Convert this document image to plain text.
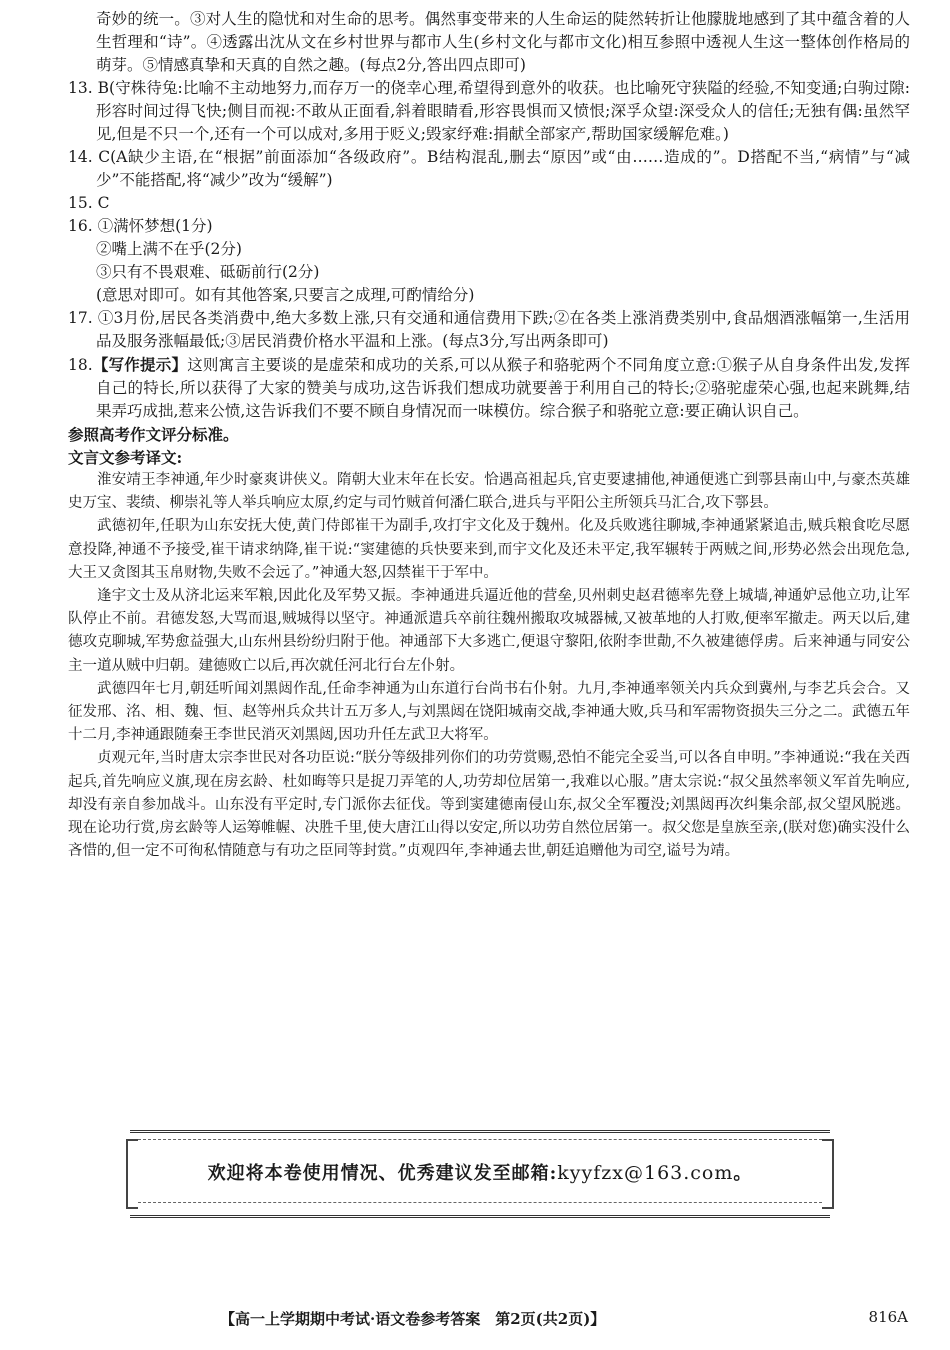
奇妙的统一。③对人生的隐忧和对生命的思考。偶然事变带来的人生命运的陡然转折让他朦胧地感到了其中蕴含着的人生哲理和“诗”。④透露出沈从文在乡村世界与都市人生(乡村文化与都市文化)相互参照中透视人生这一整体创作格局的萌芽。⑤情感真挚和天真的自然之趣。(每点2分,答出四点即可)

13. B(守株待兔:比喻不主动地努力,而存万一的侥幸心理,希望得到意外的收获。也比喻死守狭隘的经验,不知变通;白驹过隙:形容时间过得飞快;侧目而视:不敢从正面看,斜着眼睛看,形容畏惧而又愤恨;深孚众望:深受众人的信任;无独有偶:虽然罕见,但是不只一个,还有一个可以成对,多用于贬义;毁家纾难:捐献全部家产,帮助国家缓解危难。)

14. C(A缺少主语,在“根据”前面添加“各级政府”。B结构混乱,删去“原因”或“由……造成的”。D搭配不当,“病情”与“减少”不能搭配,将“减少”改为“缓解”)

15. C

16. ①满怀梦想(1分)

②嘴上满不在乎(2分)

③只有不畏艰难、砥砺前行(2分)

(意思对即可。如有其他答案,只要言之成理,可酌情给分)

17. ①3月份,居民各类消费中,绝大多数上涨,只有交通和通信费用下跌;②在各类上涨消费类别中,食品烟酒涨幅第一,生活用品及服务涨幅最低;③居民消费价格水平温和上涨。(每点3分,写出两条即可)

18.【写作提示】这则寓言主要谈的是虚荣和成功的关系,可以从猴子和骆驼两个不同角度立意:①猴子从自身条件出发,发挥自己的特长,所以获得了大家的赞美与成功,这告诉我们想成功就要善于利用自己的特长;②骆驼虚荣心强,也起来跳舞,结果弄巧成拙,惹来公愤,这告诉我们不要不顾自身情况而一味模仿。综合猴子和骆驼立意:要正确认识自己。

参照高考作文评分标准。

文言文参考译文:

淮安靖王李神通,年少时豪爽讲侠义。隋朝大业末年在长安。恰遇高祖起兵,官吏要逮捕他,神通便逃亡到鄠县南山中,与豪杰英雄史万宝、裴绩、柳崇礼等人举兵响应太原,约定与司竹贼首何潘仁联合,进兵与平阳公主所领兵马汇合,攻下鄠县。

武德初年,任职为山东安抚大使,黄门侍郎崔干为副手,攻打宇文化及于魏州。化及兵败逃往聊城,李神通紧紧追击,贼兵粮食吃尽愿意投降,神通不予接受,崔干请求纳降,崔干说:“窦建德的兵快要来到,而宇文化及还未平定,我军辗转于两贼之间,形势必然会出现危急,大王又贪图其玉帛财物,失败不会远了。”神通大怒,囚禁崔干于军中。

逢宇文士及从济北运来军粮,因此化及军势又振。李神通进兵逼近他的营垒,贝州刺史赵君德率先登上城墙,神通妒忌他立功,让军队停止不前。君德发怒,大骂而退,贼城得以坚守。神通派遣兵卒前往魏州搬取攻城器械,又被革地的人打败,便率军撤走。两天以后,建德攻克聊城,军势愈益强大,山东州县纷纷归附于他。神通部下大多逃亡,便退守黎阳,依附李世勣,不久被建德俘虏。后来神通与同安公主一道从贼中归朝。建德败亡以后,再次就任河北行台左仆射。

武德四年七月,朝廷听闻刘黑闼作乱,任命李神通为山东道行台尚书右仆射。九月,李神通率领关内兵众到冀州,与李艺兵会合。又征发邢、洺、相、魏、恒、赵等州兵众共计五万多人,与刘黑闼在饶阳城南交战,李神通大败,兵马和军需物资损失三分之二。武德五年十二月,李神通跟随秦王李世民消灭刘黑闼,因功升任左武卫大将军。

贞观元年,当时唐太宗李世民对各功臣说:“朕分等级排列你们的功劳赏赐,恐怕不能完全妥当,可以各自申明。”李神通说:“我在关西起兵,首先响应义旗,现在房玄龄、杜如晦等只是捉刀弄笔的人,功劳却位居第一,我难以心服。”唐太宗说:“叔父虽然率领义军首先响应,却没有亲自参加战斗。山东没有平定时,专门派你去征伐。等到窦建德南侵山东,叔父全军覆没;刘黑闼再次纠集余部,叔父望风脱逃。现在论功行赏,房玄龄等人运筹帷幄、决胜千里,使大唐江山得以安定,所以功劳自然位居第一。叔父您是皇族至亲,(朕对您)确实没什么吝惜的,但一定不可徇私情随意与有功之臣同等封赏。”贞观四年,李神通去世,朝廷追赠他为司空,谥号为靖。

欢迎将本卷使用情况、优秀建议发至邮箱:kyyfzx@163.com。
【高一上学期期中考试·语文卷参考答案　第2页(共2页)】	816A
